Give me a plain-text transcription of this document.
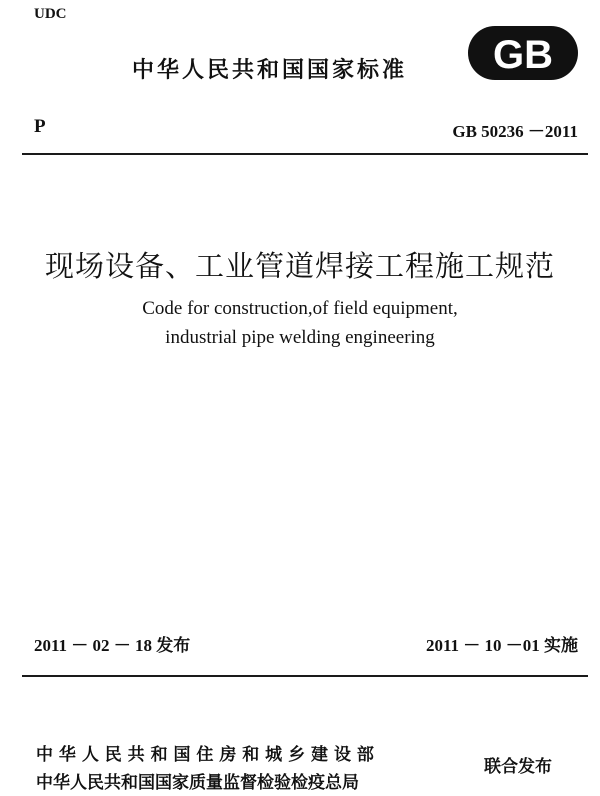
UDC
中华人民共和国国家标准 GB
P	GB 50236 －2011
现场设备、工业管道焊接工程施工规范
Code for construction,of field equipment,
industrial pipe welding engineering
2011 － 02 － 18 发布	2011 － 10 －01 实施
中 华 人 民 共 和 国 住 房 和 城 乡 建 设 部
中华人民共和国国家质量监督检验检疫总局
联合发布
